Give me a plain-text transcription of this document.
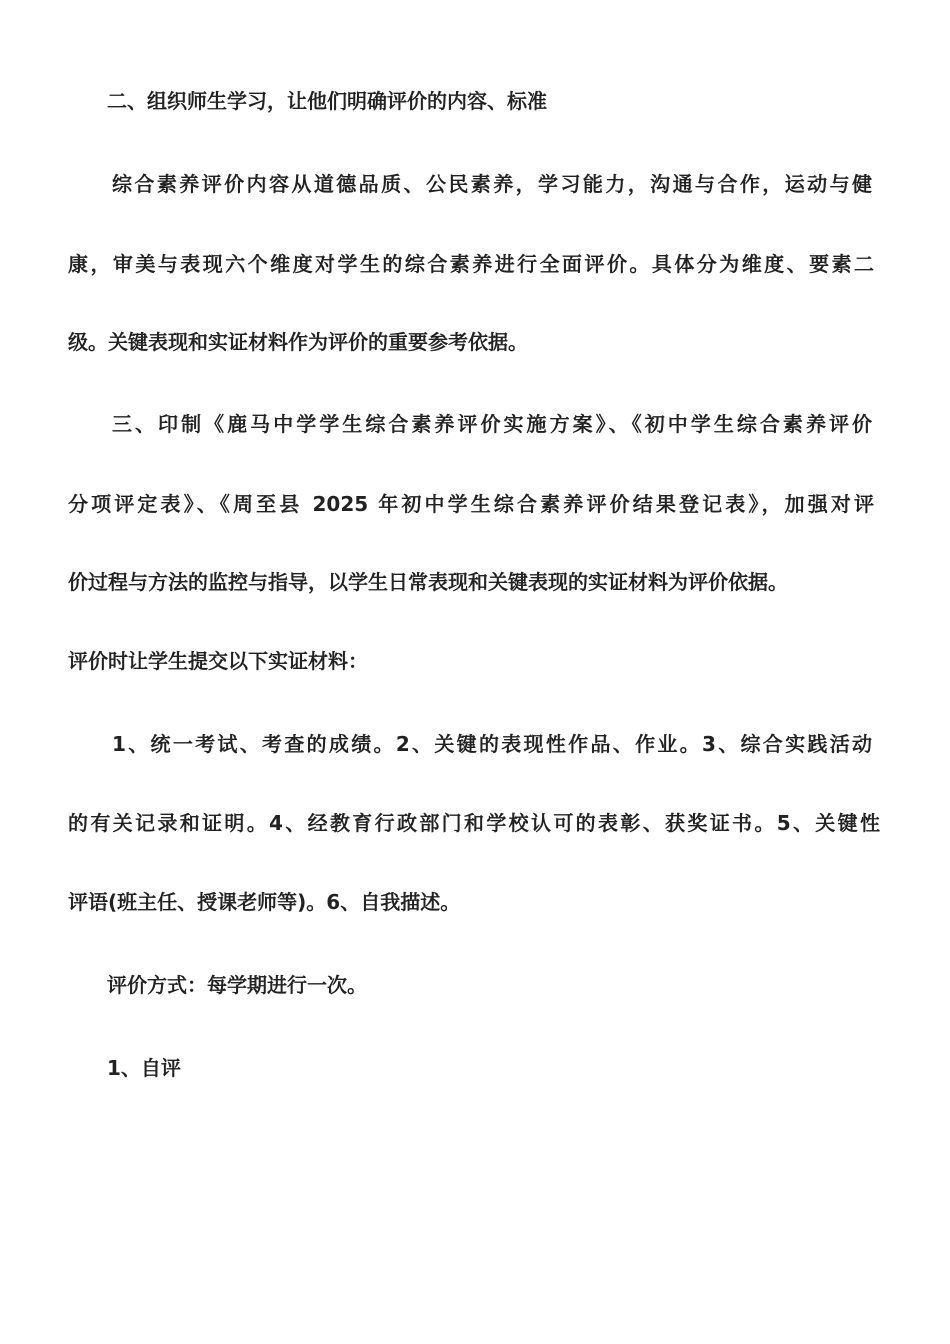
二、组织师生学习，让他们明确评价的内容、标准

综合素养评价内容从道德品质、公民素养，学习能力，沟通与合作，运动与健

康，审美与表现六个维度对学生的综合素养进行全面评价。具体分为维度、要素二

级。关键表现和实证材料作为评价的重要参考依据。

三、印制《鹿马中学学生综合素养评价实施方案》、《初中学生综合素养评价

分项评定表》、《周至县 2025 年初中学生综合素养评价结果登记表》，加强对评

价过程与方法的监控与指导，以学生日常表现和关键表现的实证材料为评价依据。

评价时让学生提交以下实证材料：

1、统一考试、考查的成绩。2、关键的表现性作品、作业。3、综合实践活动

的有关记录和证明。4、经教育行政部门和学校认可的表彰、获奖证书。5、关键性

评语(班主任、授课老师等)。6、自我描述。

评价方式：每学期进行一次。

1、自评
